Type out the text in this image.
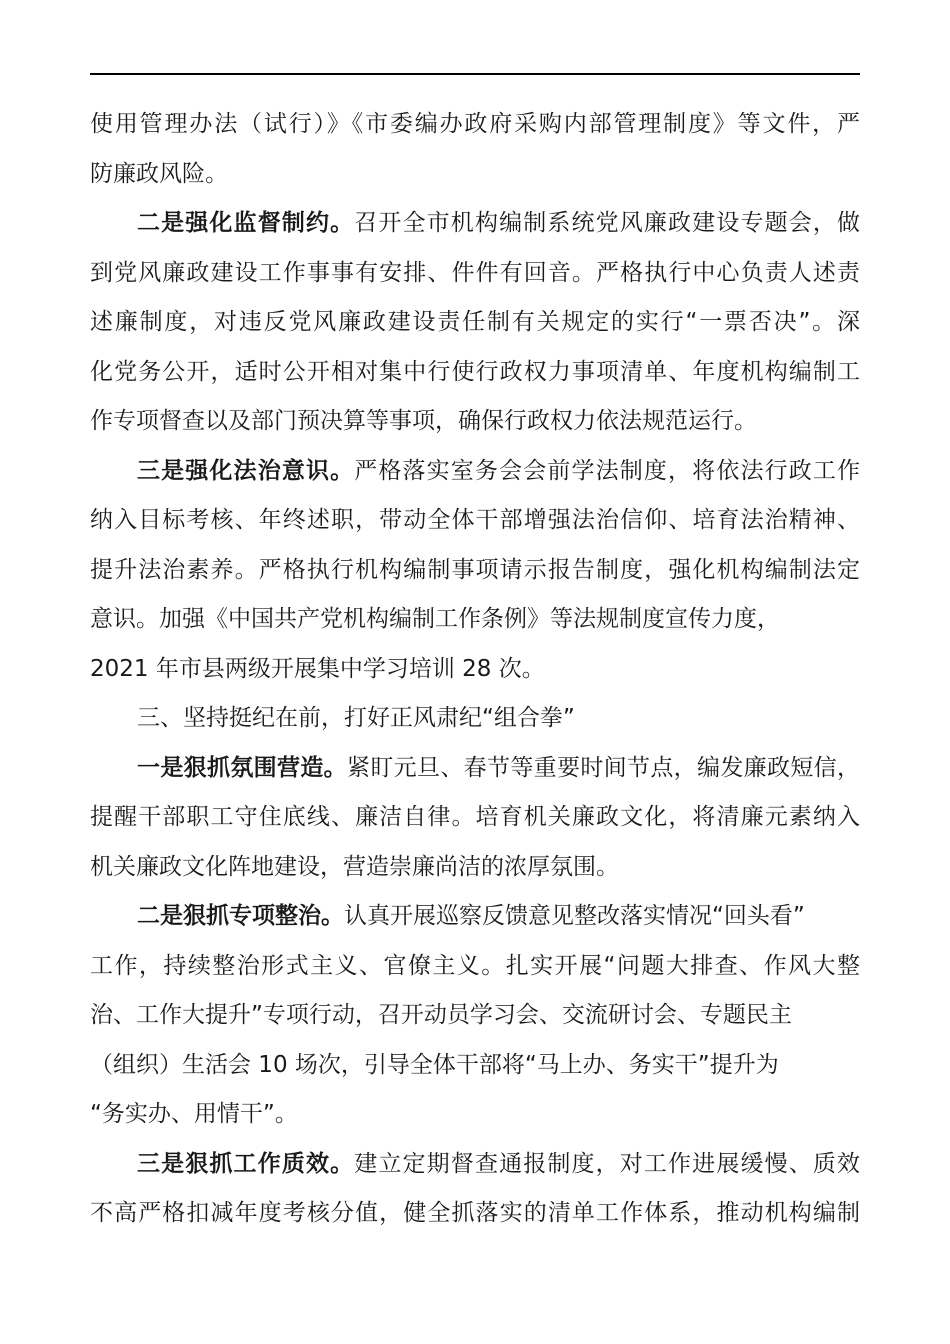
使用管理办法（试行）》《市委编办政府采购内部管理制度》等文件，严
防廉政风险。
二是强化监督制约。召开全市机构编制系统党风廉政建设专题会，做
到党风廉政建设工作事事有安排、件件有回音。严格执行中心负责人述责
述廉制度，对违反党风廉政建设责任制有关规定的实行“一票否决”。深
化党务公开，适时公开相对集中行使行政权力事项清单、年度机构编制工
作专项督查以及部门预决算等事项，确保行政权力依法规范运行。
三是强化法治意识。严格落实室务会会前学法制度，将依法行政工作
纳入目标考核、年终述职，带动全体干部增强法治信仰、培育法治精神、
提升法治素养。严格执行机构编制事项请示报告制度，强化机构编制法定
意识。加强《中国共产党机构编制工作条例》等法规制度宣传力度，
2021 年市县两级开展集中学习培训 28 次。
三、坚持挺纪在前，打好正风肃纪“组合拳”
一是狠抓氛围营造。紧盯元旦、春节等重要时间节点，编发廉政短信，
提醒干部职工守住底线、廉洁自律。培育机关廉政文化，将清廉元素纳入
机关廉政文化阵地建设，营造崇廉尚洁的浓厚氛围。
二是狠抓专项整治。认真开展巡察反馈意见整改落实情况“回头看”
工作，持续整治形式主义、官僚主义。扎实开展“问题大排查、作风大整
治、工作大提升”专项行动，召开动员学习会、交流研讨会、专题民主
（组织）生活会 10 场次，引导全体干部将“马上办、务实干”提升为
“务实办、用情干”。
三是狠抓工作质效。建立定期督查通报制度，对工作进展缓慢、质效
不高严格扣减年度考核分值，健全抓落实的清单工作体系，推动机构编制
